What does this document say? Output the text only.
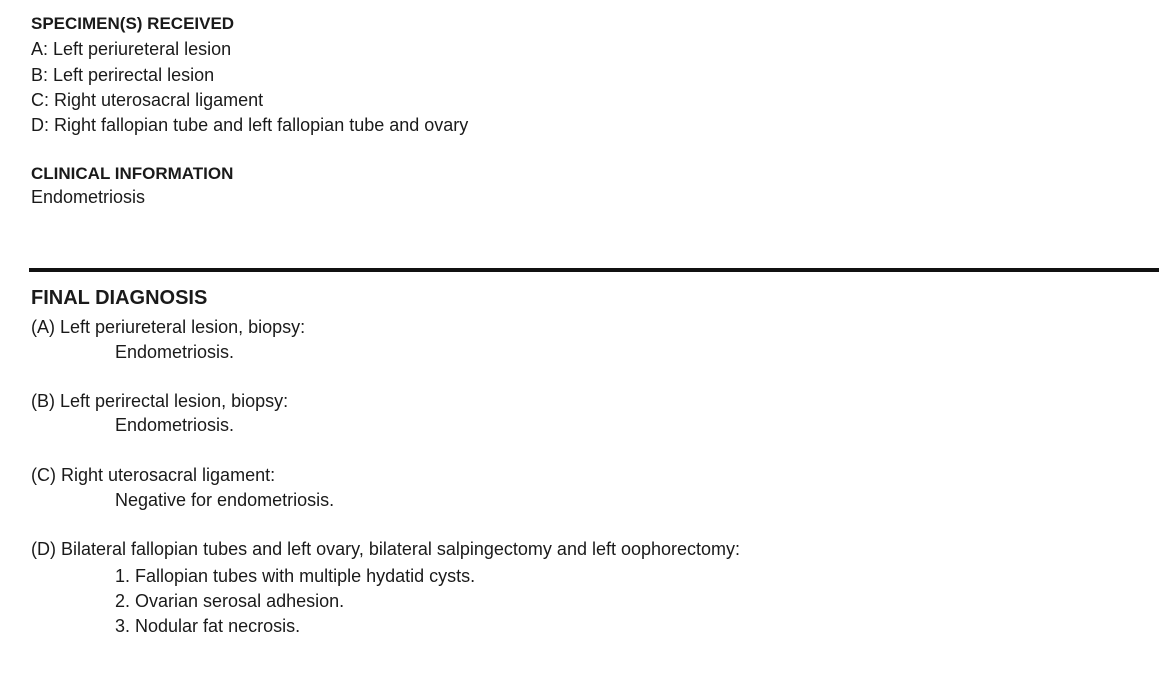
SPECIMEN(S) RECEIVED

A: Left periureteral lesion

B: Left perirectal lesion

C: Right uterosacral ligament

D: Right fallopian tube and left fallopian tube and ovary

CLINICAL INFORMATION

Endometriosis

FINAL DIAGNOSIS

(A) Left periureteral lesion, biopsy:

Endometriosis.

(B) Left perirectal lesion, biopsy:

Endometriosis.

(C) Right uterosacral ligament:

Negative for endometriosis.

(D) Bilateral fallopian tubes and left ovary, bilateral salpingectomy and left oophorectomy:

1. Fallopian tubes with multiple hydatid cysts.

2. Ovarian serosal adhesion.

3. Nodular fat necrosis.
